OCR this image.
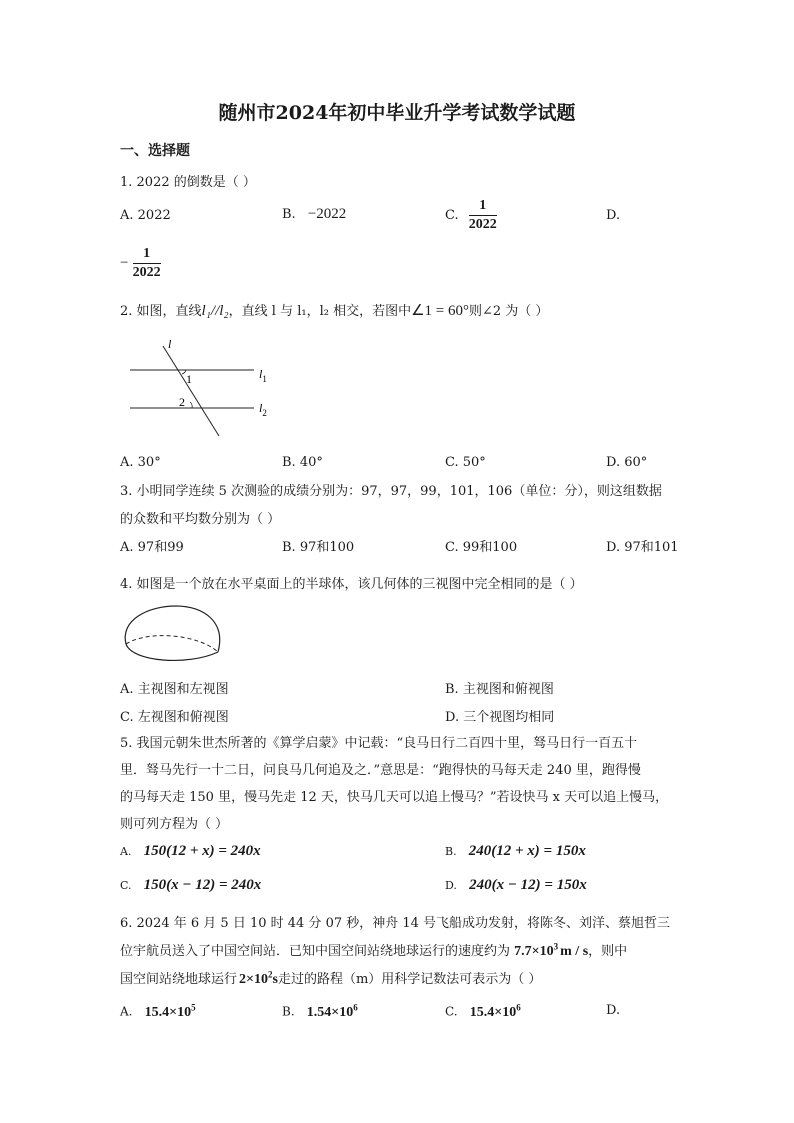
随州市2024年初中毕业升学考试数学试题
一、选择题
1. 2022 的倒数是（ ）
A. 2022	B. −2022	C. $\frac{1}{2022}$	D.
− $\frac{1}{2022}$
2. 如图，直线l₁//l₂，直线 l 与 l₁，l₂ 相交，若图中∠1 = 60°则∠2 为（ ）
l
1
2
$l_1$
$l_2$
A. 30°	B. 40°	C. 50°	D. 60°
3. 小明同学连续 5 次测验的成绩分别为：97，97，99，101，106（单位：分），则这组数据
的众数和平均数分别为（ ）
A. 97和99	B. 97和100	C. 99和100	D. 97和101
4. 如图是一个放在水平桌面上的半球体，该几何体的三视图中完全相同的是（ ）
A. 主视图和左视图	B. 主视图和俯视图
C. 左视图和俯视图	D. 三个视图均相同
5. 我国元朝朱世杰所著的《算学启蒙》中记载：“良马日行二百四十里，驽马日行一百五十
里．驽马先行一十二日，问良马几何追及之．”意思是：“跑得快的马每天走 240 里，跑得慢
的马每天走 150 里，慢马先走 12 天，快马几天可以追上慢马？”若设快马 x 天可以追上慢马，
则可列方程为（ ）
A. 150(12 + x) = 240x	B. 240(12 + x) = 150x
C. 150(x − 12) = 240x	D. 240(x − 12) = 150x
6. 2024 年 6 月 5 日 10 时 44 分 07 秒，神舟 14 号飞船成功发射，将陈冬、刘洋、蔡旭哲三
位宇航员送入了中国空间站．已知中国空间站绕地球运行的速度约为 $7.7\times 10^3$ m / s，则中
国空间站绕地球运行 $2\times 10^2s$走过的路程（m）用科学记数法可表示为（ ）
A. $15.4\times 10^5$	B. $1.54\times 10^6$	C. $15.4\times 10^6$	D.
